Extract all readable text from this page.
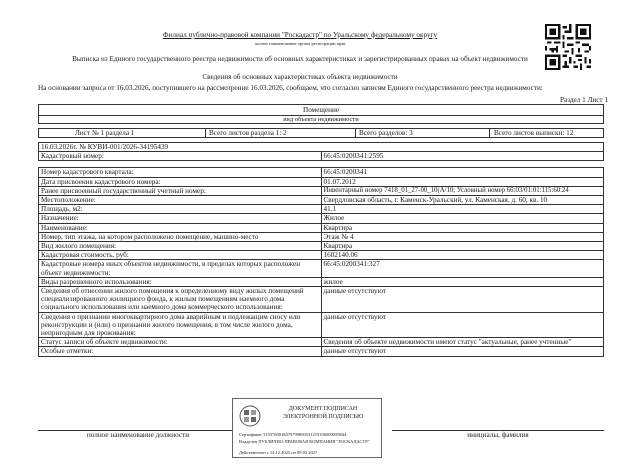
Филиал публично-правовой компании "Роскадастр" по Уральскому федеральному округу
полное наименование органа регистрации прав
Выписка из Единого государственного реестра недвижимости об основных характеристиках и зарегистрированных правах на объект недвижимости
Сведения об основных характеристиках объекта недвижимости
На основании запроса от 16.03.2026, поступившего на рассмотрение 16.03.2026, сообщаем, что согласно записям Единого государственного реестра недвижимости:
Раздел 1 Лист 1
Помещение
вид объекта недвижимости
Лист № 1 раздела 1	Всего листов раздела 1: 2	Всего разделов: 3	Всего листов выписки: 12
16.03.2026г. № КУВИ-001/2026-34195439	
Кадастровый номер:	66:45:0200341:2595

Номер кадастрового квартала:	66:45:0200341
Дата присвоения кадастрового номера:	01.07.2012
Ранее присвоенный государственный учетный номер:	Инвентарный номер 7418_01_27-00_10(А/10; Условный номер 66:03/01:01:115:60:24
Местоположение:	Свердловская область, г. Каменск-Уральский, ул. Каменская, д. 60, кв. 10
Площадь, м2:	41.1
Назначение:	Жилое
Наименование:	Квартира
Номер, тип этажа, на котором расположено помещение, машино-место	Этаж № 4
Вид жилого помещения:	Квартира
Кадастровая стоимость, руб:	1602140.06
Кадастровые номера иных объектов недвижимости, в пределах которых расположен объект недвижимости:	66:45:0200341:327
Виды разрешенного использования:	жилое
Сведения об отнесении жилого помещения к определенному виду жилых помещений специализированного жилищного фонда, к жилым помещениям наемного дома социального использования или наемного дома коммерческого использования:	данные отсутствуют
Сведения о признании многоквартирного дома аварийным и подлежащим сносу или реконструкции и (или) о признании жилого помещения, в том числе жилого дома, непригодным для проживания:	данные отсутствуют
Статус записи об объекте недвижимости:	Сведения об объекте недвижимости имеют статус "актуальные, ранее учтенные"
Особые отметки:	данные отсутствуют
полное наименование должности	инициалы, фамилия
ДОКУМЕНТ ПОДПИСАН
ЭЛЕКТРОННОЙ ПОДПИСЬЮ
Сертификат 3193760018479799800531219106000059844
Владелец ПУБЛИЧНО-ПРАВОВАЯ КОМПАНИЯ "РОСКАДАСТР"
Действителен с 14.12.2025 по 09.03.2027
